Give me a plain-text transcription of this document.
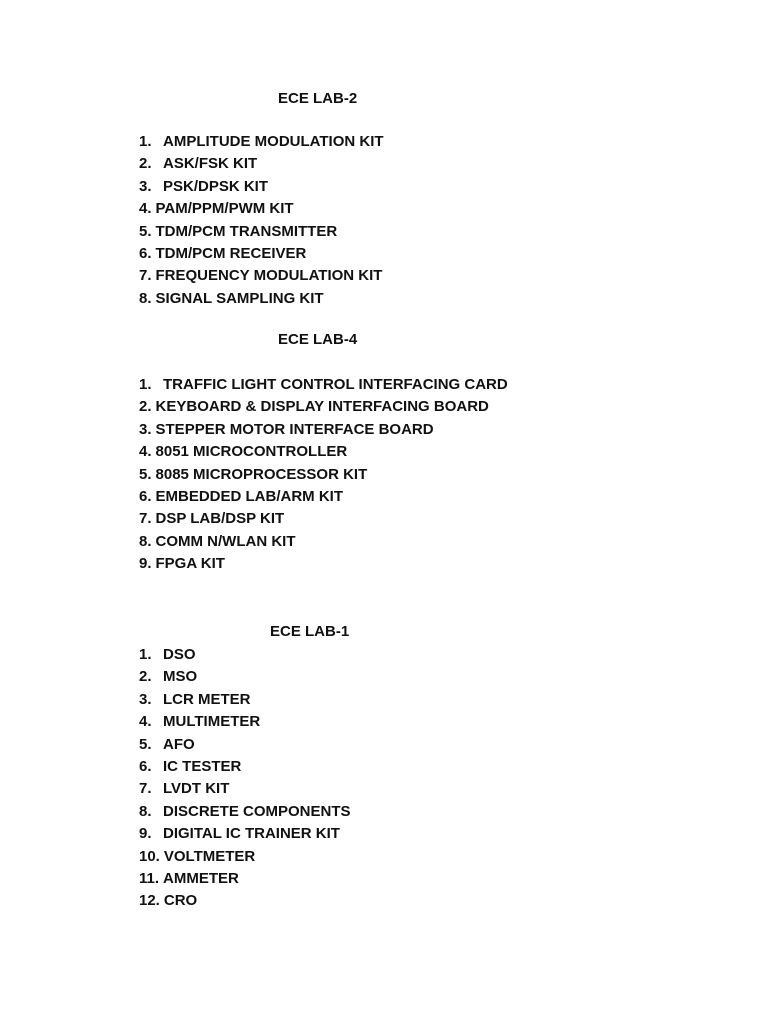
ECE LAB-2
1. AMPLITUDE MODULATION KIT
2. ASK/FSK KIT
3. PSK/DPSK KIT
4. PAM/PPM/PWM KIT
5. TDM/PCM TRANSMITTER
6. TDM/PCM RECEIVER
7. FREQUENCY MODULATION KIT
8. SIGNAL SAMPLING KIT
ECE LAB-4
1. TRAFFIC LIGHT CONTROL INTERFACING CARD
2. KEYBOARD & DISPLAY INTERFACING BOARD
3. STEPPER MOTOR INTERFACE BOARD
4. 8051 MICROCONTROLLER
5. 8085 MICROPROCESSOR KIT
6. EMBEDDED LAB/ARM KIT
7. DSP LAB/DSP KIT
8. COMM N/WLAN KIT
9. FPGA KIT
ECE LAB-1
1. DSO
2. MSO
3. LCR METER
4. MULTIMETER
5. AFO
6. IC TESTER
7. LVDT KIT
8. DISCRETE COMPONENTS
9. DIGITAL IC TRAINER KIT
10. VOLTMETER
11. AMMETER
12. CRO
